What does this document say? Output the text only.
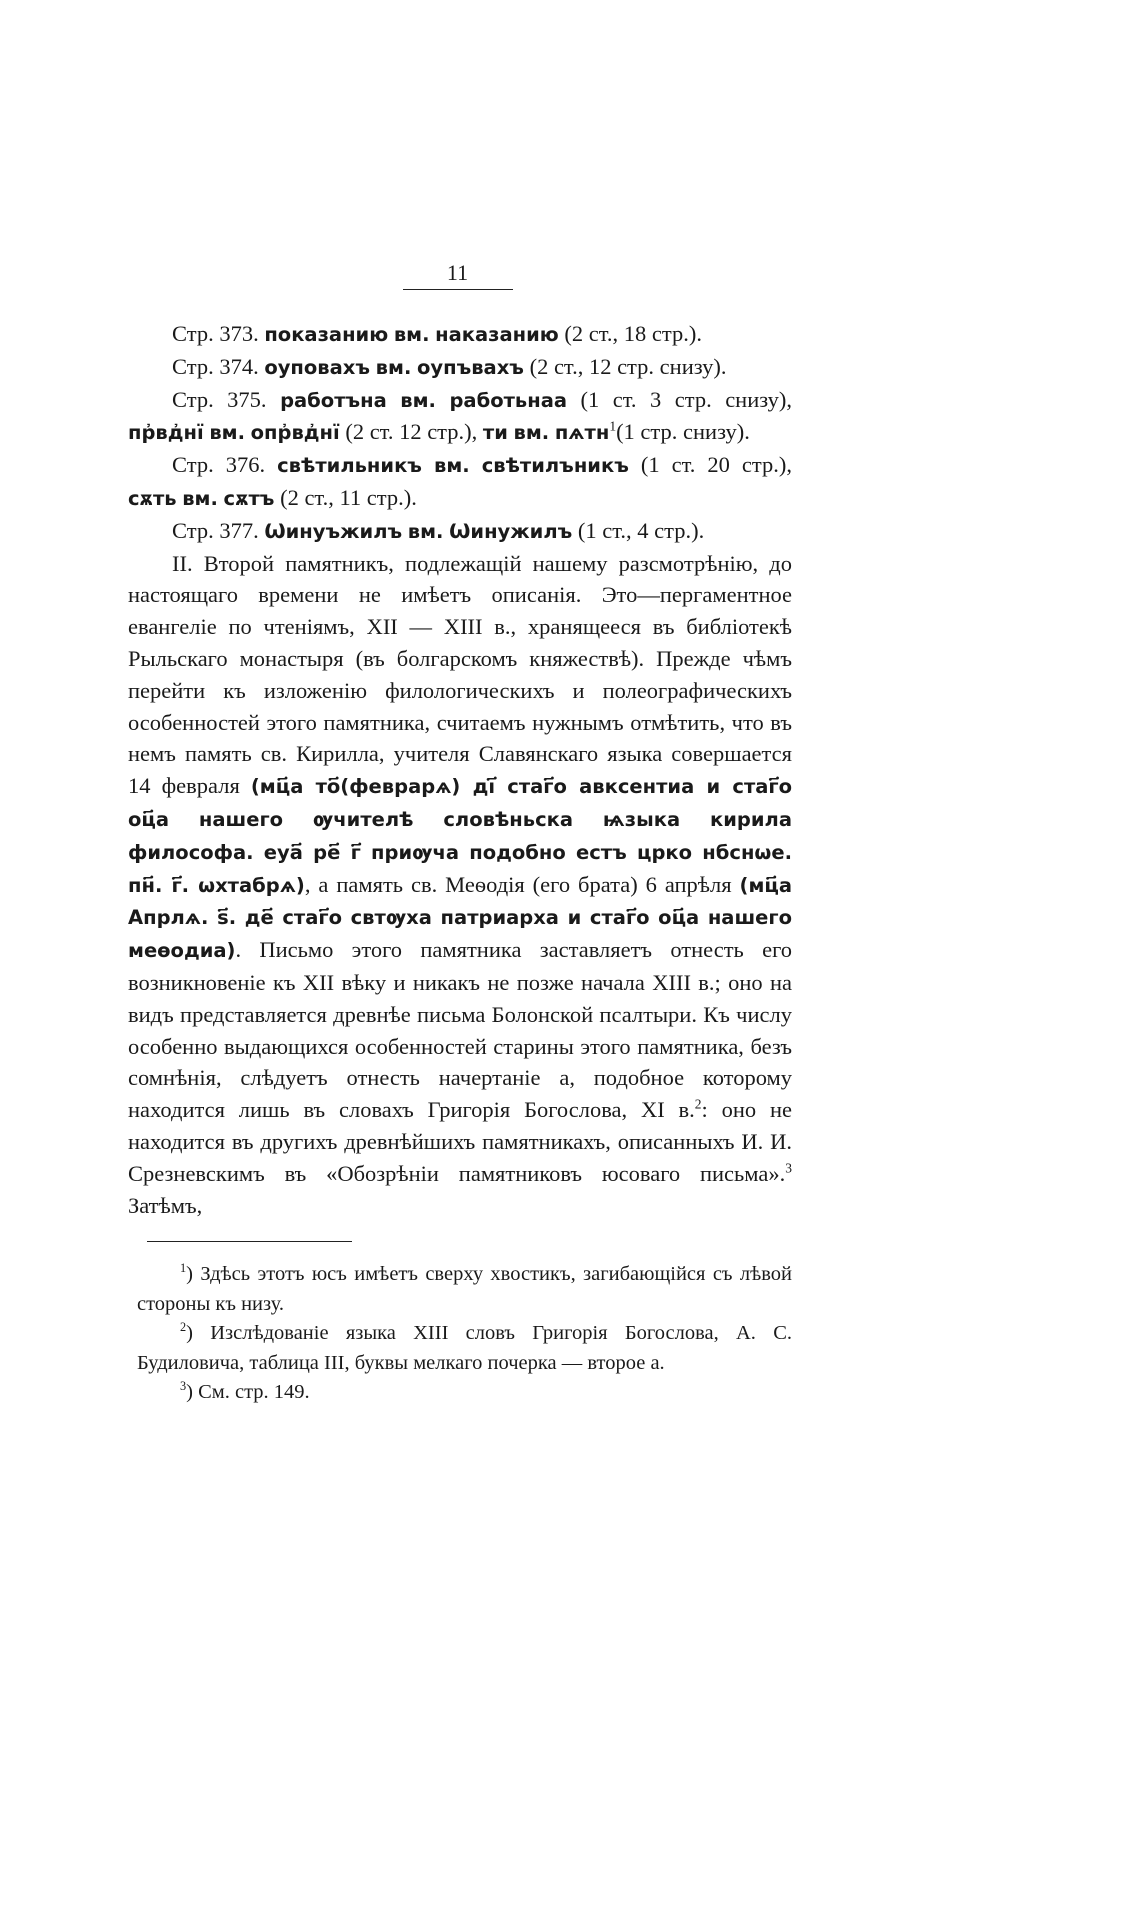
11

Стр. 373. показанию вм. наказанию (2 ст., 18 стр.).

Стр. 374. оуповахъ вм. оупъвахъ (2 ст., 12 стр. снизу).

Стр. 375. работъна вм. работьнаа (1 ст. 3 стр. снизу), пр҆вд҆нї вм. опр҆вд҆нї (2 ст. 12 стр.), ти вм. пѧтн$^1$(1 стр. снизу).

Стр. 376. свѣтильникъ вм. свѣтилъникъ (1 ст. 20 стр.), сѫть вм. сѫтъ (2 ст., 11 стр.).

Стр. 377. Ѡинуъжилъ вм. Ѡинужилъ (1 ст., 4 стр.).

II. Второй памятникъ, подлежащій нашему разсмотрѣнію, до настоящаго времени не имѣетъ описанія. Это—пергаментное евангеліе по чтеніямъ, XII — XIII в., хранящееся въ библіотекѣ Рыльскаго монастыря (въ болгарскомъ княжествѣ). Прежде чѣмъ перейти къ изложенію филологическихъ и полеографическихъ особенностей этого памятника, считаемъ нужнымъ отмѣтить, что въ немъ память св. Кирилла, учителя Славянскаго языка совершается 14 февраля (мц҃а то҃(феврарѧ) ді҃ стаг҃о авксентиа и стаг҃о оц҃а нашего ѹчителѣ словѣньска ѩзыка кирила философа. еуа҃ ре҃ г҃ приѹча подобно естъ црко нбснѡе. пн҃. г҃. ѡхтабрѧ), а память св. Меѳодія (его брата) 6 апрѣля (мц҃а Апрлѧ. ѕ҃. де҃ стаг҃о свтѹха патриарха и стаг҃о оц҃а нашего меѳодиа). Письмо этого памятника заставляетъ отнесть его возникновеніе къ XII вѣку и никакъ не позже начала XIII в.; оно на видъ представляется древнѣе письма Болонской псалтыри. Къ числу особенно выдающихся особенностей старины этого памятника, безъ сомнѣнія, слѣдуетъ отнесть начертаніе а, подобное которому находится лишь въ словахъ Григорія Богослова, XI в.$^2$: оно не находится въ другихъ древнѣйшихъ памятникахъ, описанныхъ И. И. Срезневскимъ въ «Обозрѣніи памятниковъ юсоваго письма».$^3$ Затѣмъ,

$^1$) Здѣсь этотъ юсъ имѣетъ сверху хвостикъ, загибающійся съ лѣвой стороны къ низу.

$^2$) Изслѣдованіе языка XIII словъ Григорія Богослова, А. С. Будиловича, таблица III, буквы мелкаго почерка — второе а.

$^3$) См. стр. 149.
